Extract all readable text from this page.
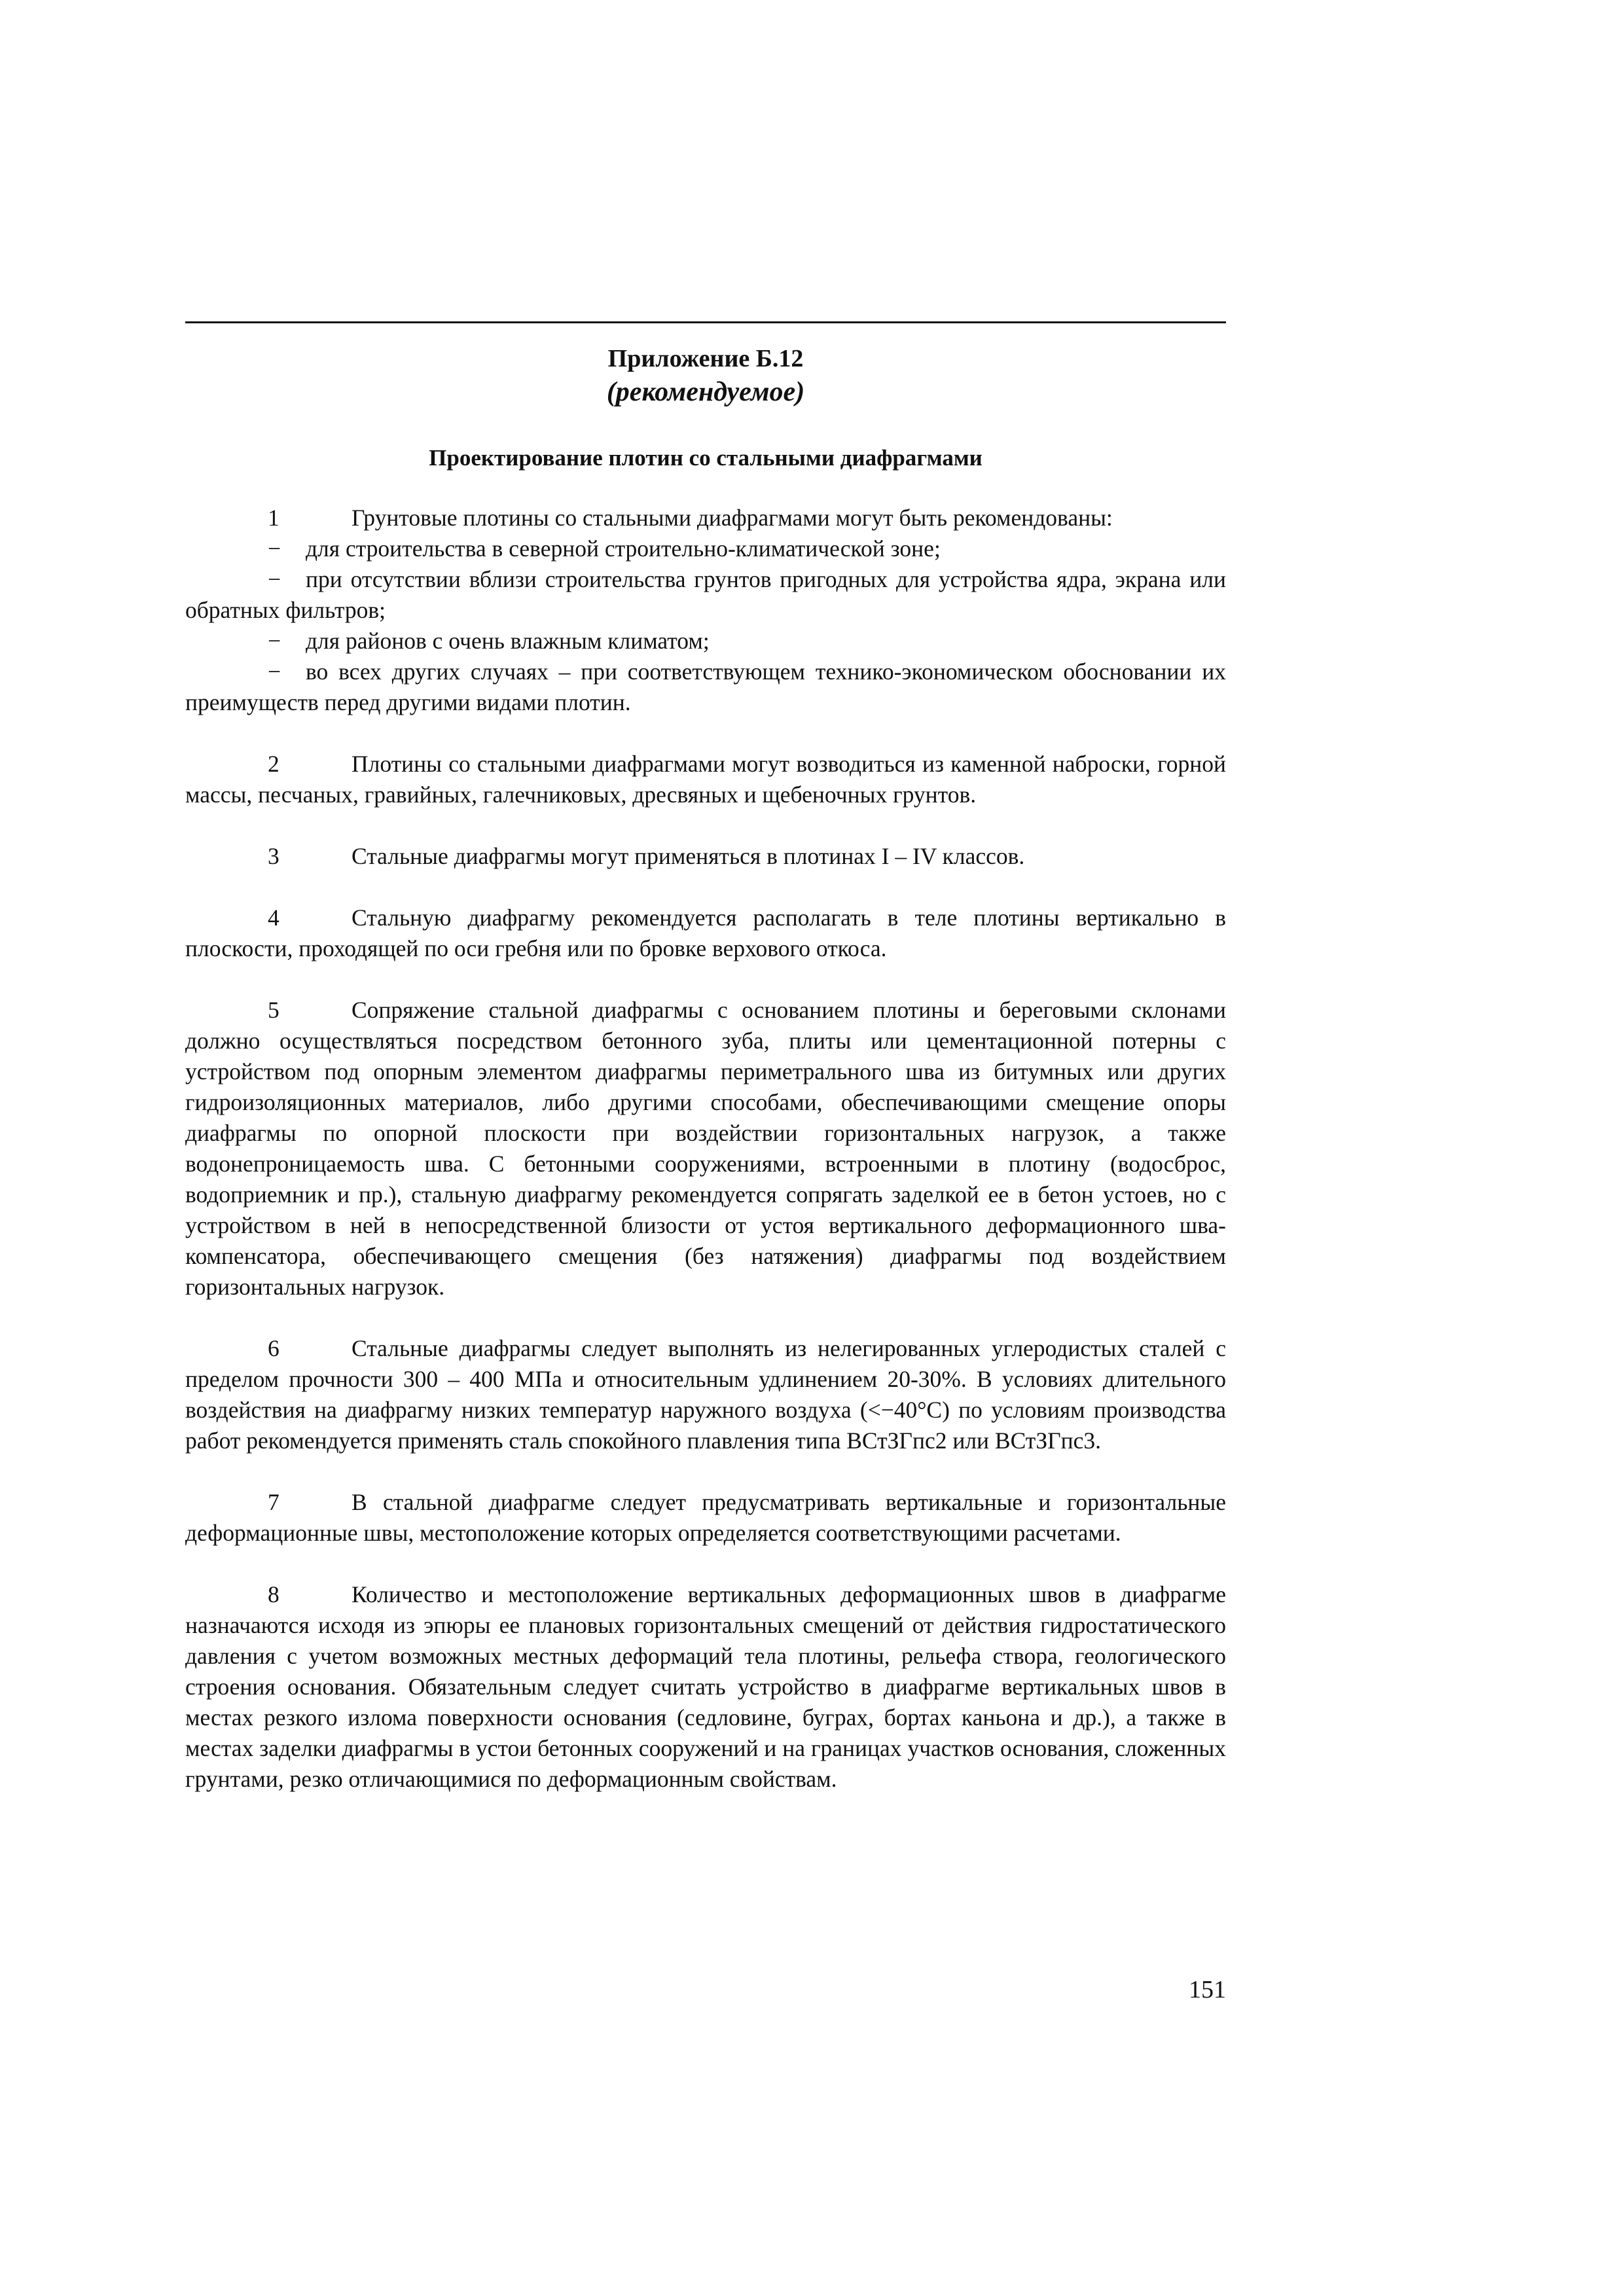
Приложение Б.12
(рекомендуемое)
Проектирование плотин со стальными диафрагмами

1	Грунтовые плотины со стальными диафрагмами могут быть рекомендованы:

− для строительства в северной строительно-климатической зоне;

− при отсутствии вблизи строительства грунтов пригодных для устройства ядра, экрана или обратных фильтров;

− для районов с очень влажным климатом;

− во всех других случаях – при соответствующем технико-экономическом обосновании их преимуществ перед другими видами плотин.

2	Плотины со стальными диафрагмами могут возводиться из каменной наброски, горной массы, песчаных, гравийных, галечниковых, дресвяных и щебеночных грунтов.

3	Стальные диафрагмы могут применяться в плотинах I – IV классов.

4	Стальную диафрагму рекомендуется располагать в теле плотины вертикально в плоскости, проходящей по оси гребня или по бровке верхового откоса.

5	Сопряжение стальной диафрагмы с основанием плотины и береговыми склонами должно осуществляться посредством бетонного зуба, плиты или цементационной потерны с устройством под опорным элементом диафрагмы периметрального шва из битумных или других гидроизоляционных материалов, либо другими способами, обеспечивающими смещение опоры диафрагмы по опорной плоскости при воздействии горизонтальных нагрузок, а также водонепроницаемость шва. С бетонными сооружениями, встроенными в плотину (водосброс, водоприемник и пр.), стальную диафрагму рекомендуется сопрягать заделкой ее в бетон устоев, но с устройством в ней в непосредственной близости от устоя вертикального деформационного шва-компенсатора, обеспечивающего смещения (без натяжения) диафрагмы под воздействием горизонтальных нагрузок.

6	Стальные диафрагмы следует выполнять из нелегированных углеродистых сталей с пределом прочности 300 – 400 МПа и относительным удлинением 20-30%. В условиях длительного воздействия на диафрагму низких температур наружного воздуха (<−40°С) по условиям производства работ рекомендуется применять сталь спокойного плавления типа ВСтЗГпс2 или ВСтЗГпс3.

7	В стальной диафрагме следует предусматривать вертикальные и горизонтальные деформационные швы, местоположение которых определяется соответствующими расчетами.

8	Количество и местоположение вертикальных деформационных швов в диафрагме назначаются исходя из эпюры ее плановых горизонтальных смещений от действия гидростатического давления с учетом возможных местных деформаций тела плотины, рельефа створа, геологического строения основания. Обязательным следует считать устройство в диафрагме вертикальных швов в местах резкого излома поверхности основания (седловине, буграх, бортах каньона и др.), а также в местах заделки диафрагмы в устои бетонных сооружений и на границах участков основания, сложенных грунтами, резко отличающимися по деформационным свойствам.

151
